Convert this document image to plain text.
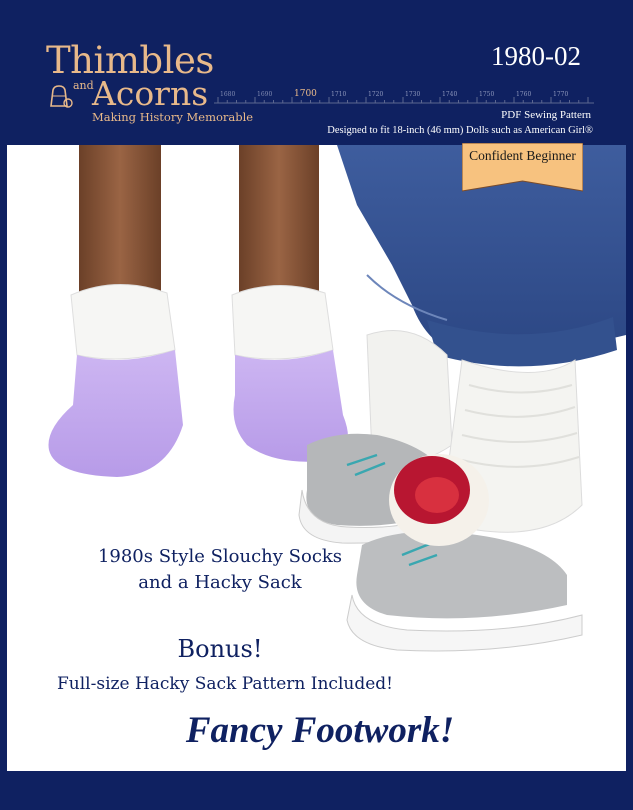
Thimbles
and
Acorns
Making History Memorable
1680	1690 1700 1710	1720	1730	1740	1750	1760	1770
1980-02
PDF Sewing Pattern
Designed to fit 18-inch (46 mm) Dolls such as American Girl®
Confident Beginner
1980s Style Slouchy Socks
and a Hacky Sack
Bonus!
Full-size Hacky Sack Pattern Included!
Fancy Footwork!
